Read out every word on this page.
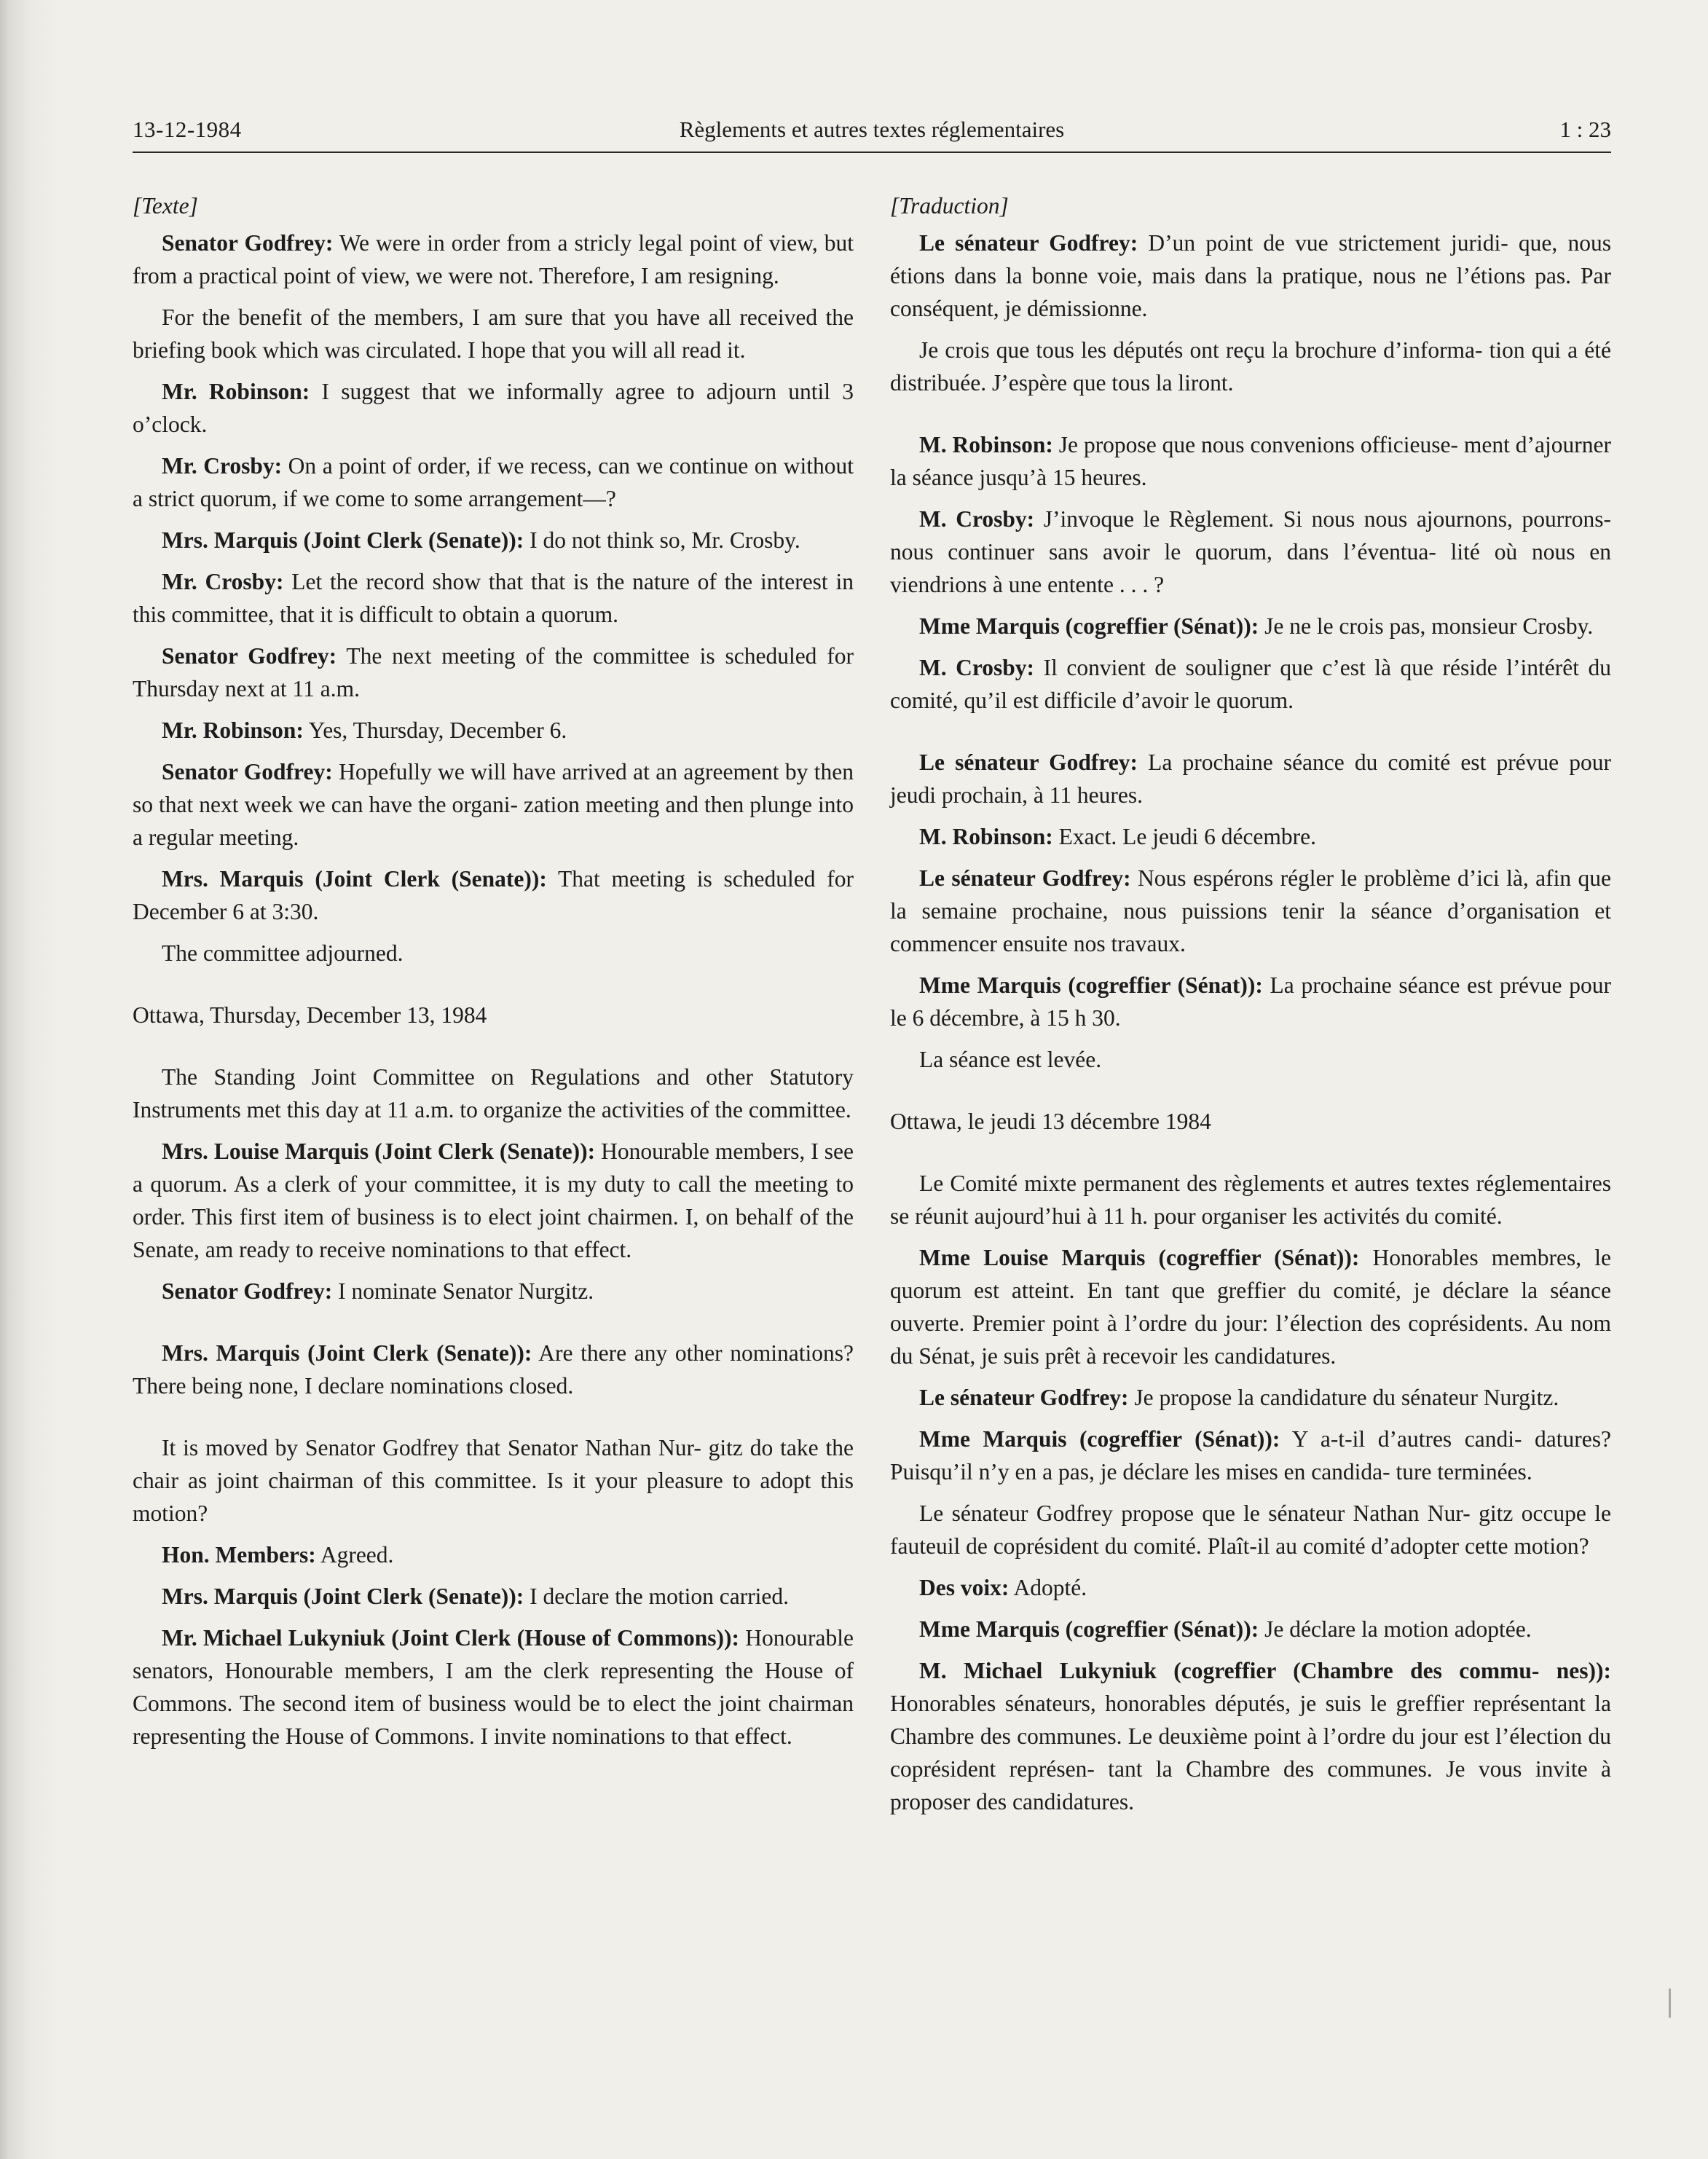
13-12-1984	Règlements et autres textes réglementaires	1 : 23

[Texte]

Senator Godfrey: We were in order from a stricly legal point of view, but from a practical point of view, we were not. Therefore, I am resigning.

For the benefit of the members, I am sure that you have all received the briefing book which was circulated. I hope that you will all read it.

Mr. Robinson: I suggest that we informally agree to adjourn until 3 o’clock.

Mr. Crosby: On a point of order, if we recess, can we continue on without a strict quorum, if we come to some arrangement—?

Mrs. Marquis (Joint Clerk (Senate)): I do not think so, Mr. Crosby.

Mr. Crosby: Let the record show that that is the nature of the interest in this committee, that it is difficult to obtain a quorum.

Senator Godfrey: The next meeting of the committee is scheduled for Thursday next at 11 a.m.

Mr. Robinson: Yes, Thursday, December 6.

Senator Godfrey: Hopefully we will have arrived at an agreement by then so that next week we can have the organi- zation meeting and then plunge into a regular meeting.

Mrs. Marquis (Joint Clerk (Senate)): That meeting is scheduled for December 6 at 3:30.

The committee adjourned.

Ottawa, Thursday, December 13, 1984

The Standing Joint Committee on Regulations and other Statutory Instruments met this day at 11 a.m. to organize the activities of the committee.

Mrs. Louise Marquis (Joint Clerk (Senate)): Honourable members, I see a quorum. As a clerk of your committee, it is my duty to call the meeting to order. This first item of business is to elect joint chairmen. I, on behalf of the Senate, am ready to receive nominations to that effect.

Senator Godfrey: I nominate Senator Nurgitz.

Mrs. Marquis (Joint Clerk (Senate)): Are there any other nominations? There being none, I declare nominations closed.

It is moved by Senator Godfrey that Senator Nathan Nur- gitz do take the chair as joint chairman of this committee. Is it your pleasure to adopt this motion?

Hon. Members: Agreed.

Mrs. Marquis (Joint Clerk (Senate)): I declare the motion carried.

Mr. Michael Lukyniuk (Joint Clerk (House of Commons)): Honourable senators, Honourable members, I am the clerk representing the House of Commons. The second item of business would be to elect the joint chairman representing the House of Commons. I invite nominations to that effect.

[Traduction]

Le sénateur Godfrey: D’un point de vue strictement juridi- que, nous étions dans la bonne voie, mais dans la pratique, nous ne l’étions pas. Par conséquent, je démissionne.

Je crois que tous les députés ont reçu la brochure d’informa- tion qui a été distribuée. J’espère que tous la liront.

M. Robinson: Je propose que nous convenions officieuse- ment d’ajourner la séance jusqu’à 15 heures.

M. Crosby: J’invoque le Règlement. Si nous nous ajournons, pourrons-nous continuer sans avoir le quorum, dans l’éventua- lité où nous en viendrions à une entente . . . ?

Mme Marquis (cogreffier (Sénat)): Je ne le crois pas, monsieur Crosby.

M. Crosby: Il convient de souligner que c’est là que réside l’intérêt du comité, qu’il est difficile d’avoir le quorum.

Le sénateur Godfrey: La prochaine séance du comité est prévue pour jeudi prochain, à 11 heures.

M. Robinson: Exact. Le jeudi 6 décembre.

Le sénateur Godfrey: Nous espérons régler le problème d’ici là, afin que la semaine prochaine, nous puissions tenir la séance d’organisation et commencer ensuite nos travaux.

Mme Marquis (cogreffier (Sénat)): La prochaine séance est prévue pour le 6 décembre, à 15 h 30.

La séance est levée.

Ottawa, le jeudi 13 décembre 1984

Le Comité mixte permanent des règlements et autres textes réglementaires se réunit aujourd’hui à 11 h. pour organiser les activités du comité.

Mme Louise Marquis (cogreffier (Sénat)): Honorables membres, le quorum est atteint. En tant que greffier du comité, je déclare la séance ouverte. Premier point à l’ordre du jour: l’élection des coprésidents. Au nom du Sénat, je suis prêt à recevoir les candidatures.

Le sénateur Godfrey: Je propose la candidature du sénateur Nurgitz.

Mme Marquis (cogreffier (Sénat)): Y a-t-il d’autres candi- datures? Puisqu’il n’y en a pas, je déclare les mises en candida- ture terminées.

Le sénateur Godfrey propose que le sénateur Nathan Nur- gitz occupe le fauteuil de coprésident du comité. Plaît-il au comité d’adopter cette motion?

Des voix: Adopté.

Mme Marquis (cogreffier (Sénat)): Je déclare la motion adoptée.

M. Michael Lukyniuk (cogreffier (Chambre des commu- nes)): Honorables sénateurs, honorables députés, je suis le greffier représentant la Chambre des communes. Le deuxième point à l’ordre du jour est l’élection du coprésident représen- tant la Chambre des communes. Je vous invite à proposer des candidatures.
